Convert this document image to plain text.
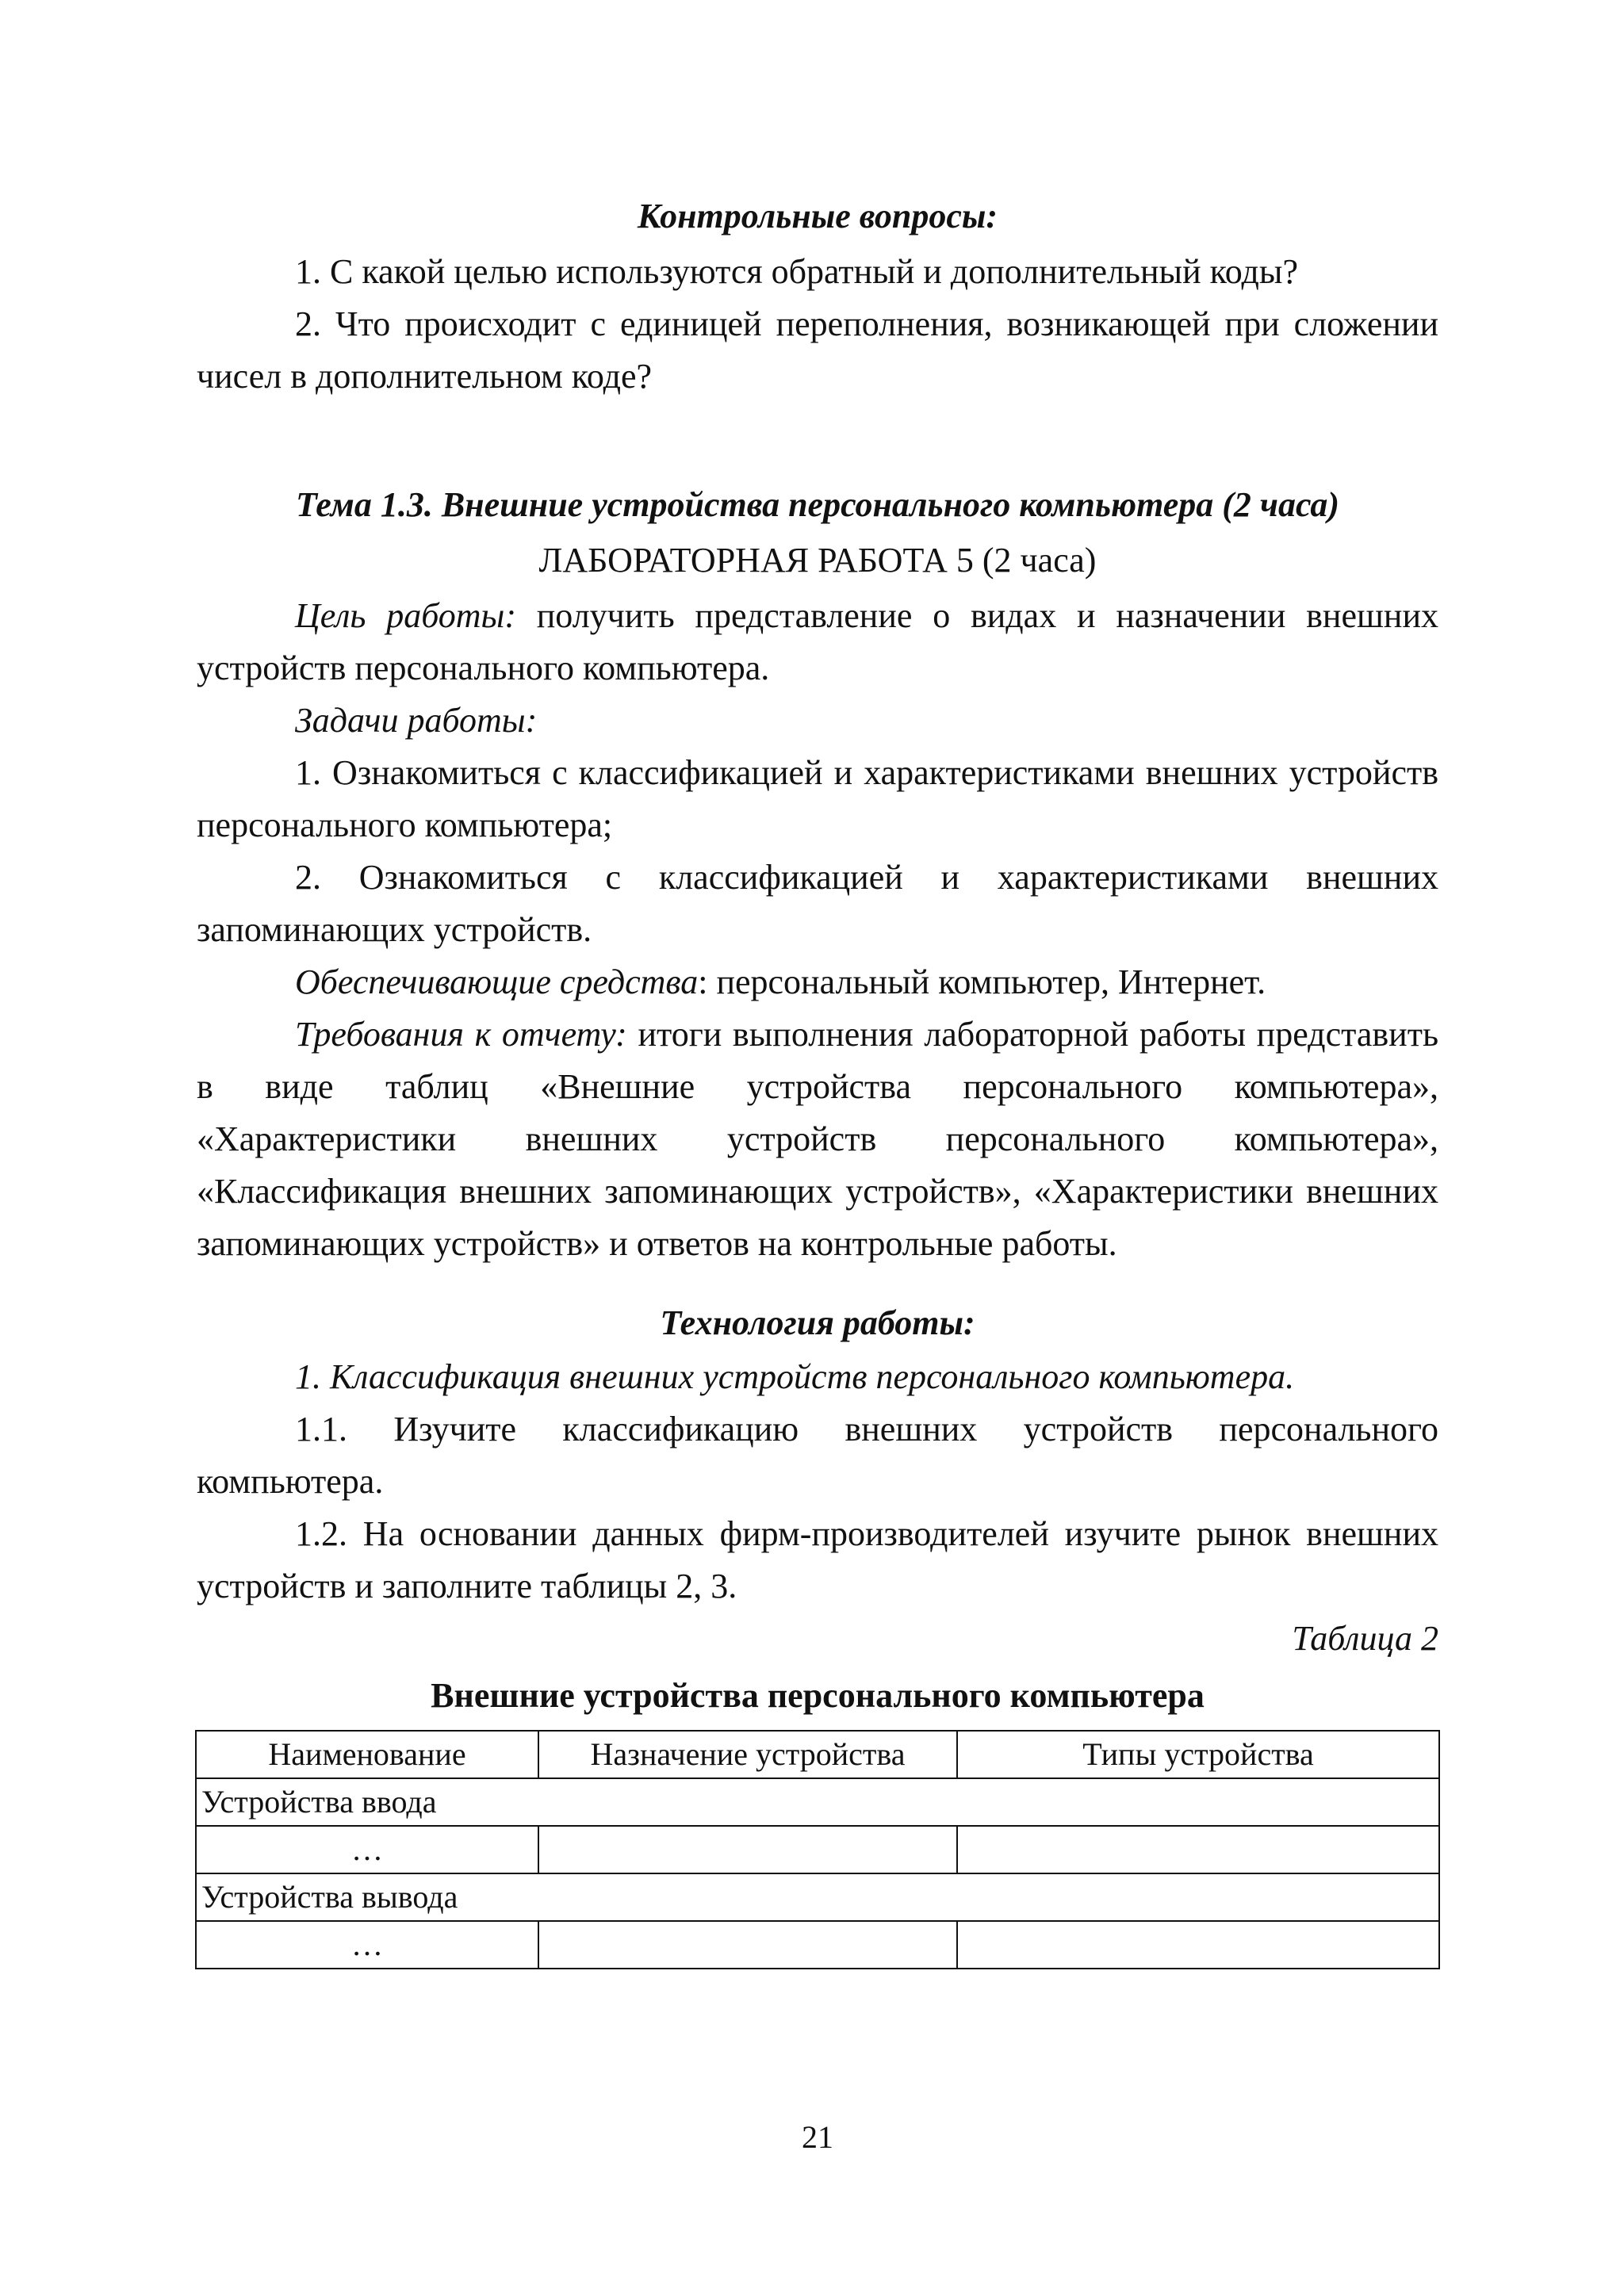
Контрольные вопросы:

1. С какой целью используются обратный и дополнительный коды?

2. Что происходит с единицей переполнения, возникающей при сложении чисел в дополнительном коде?

Тема 1.3. Внешние устройства персонального компьютера (2 часа)
ЛАБОРАТОРНАЯ РАБОТА 5 (2 часа)

Цель работы: получить представление о видах и назначении внешних устройств персонального компьютера.

Задачи работы:

1. Ознакомиться с классификацией и характеристиками внешних устройств персонального компьютера;

2. Ознакомиться с классификацией и характеристиками внешних запоминающих устройств.

Обеспечивающие средства: персональный компьютер, Интернет.

Требования к отчету: итоги выполнения лабораторной работы представить в виде таблиц «Внешние устройства персонального компьютера», «Характеристики внешних устройств персонального компьютера», «Классификация внешних запоминающих устройств», «Характеристики внешних запоминающих устройств» и ответов на контрольные работы.

Технология работы:

1. Классификация внешних устройств персонального компьютера.

1.1. Изучите классификацию внешних устройств персонального компьютера.

1.2. На основании данных фирм-производителей изучите рынок внешних устройств и заполните таблицы 2, 3.

Таблица 2
Внешние устройства персонального компьютера
Наименование	Назначение устройства	Типы устройства
Устройства ввода		
…		
Устройства вывода		
…		
21
